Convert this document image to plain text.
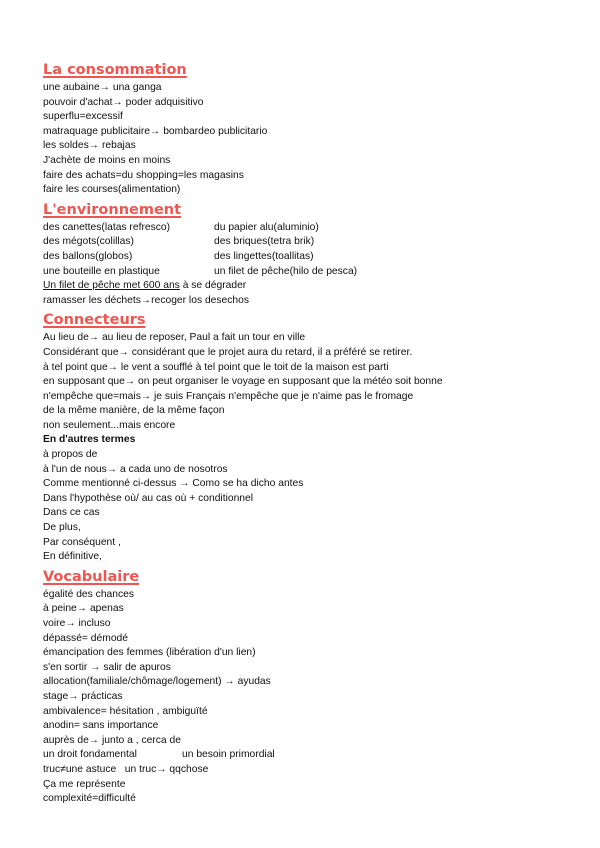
La consommation
une aubaine→ una ganga
pouvoir d'achat→ poder adquisitivo
superflu=excessif
matraquage publicitaire→ bombardeo publicitario
les soldes→ rebajas
J'achète de moins en moins
faire des achats=du shopping=les magasins
faire les courses(alimentation)
L'environnement
des canettes(latas refresco)	du papier alu(aluminio)
des mégots(colillas)	des briques(tetra brik)
des ballons(globos)	des lingettes(toallitas)
une bouteille en plastique	un filet de pêche(hilo de pesca)
Un filet de pêche met 600 ans à se dégrader
ramasser les déchets→recoger los desechos
Connecteurs
Au lieu de→ au lieu de reposer, Paul a fait un tour en ville
Considérant que→ considérant que le projet aura du retard, il a préféré se retirer.
à tel point que→ le vent a soufflé à tel point que le toit de la maison est parti
en supposant que→ on peut organiser le voyage en supposant que la météo soit bonne
n'empêche que=mais→ je suis Français n'empêche que je n'aime pas le fromage
de la même manière, de la même façon
non seulement...mais encore
En d'autres termes
à propos de
à l'un de nous→ a cada uno de nosotros
Comme mentionné ci-dessus → Como se ha dicho antes
Dans l'hypothèse où/ au cas où + conditionnel
Dans ce cas
De plus,
Par conséquent ,
En définitive,
Vocabulaire
égalité des chances
à peine→ apenas
voire→ incluso
dépassé= démodé
émancipation des femmes (libération d'un lien)
s'en sortir → salir de apuros
allocation(familiale/chômage/logement) → ayudas
stage→ prácticas
ambivalence= hésitation , ambiguïté
anodin= sans importance
auprès de→ junto a , cerca de
un droit fondamental	un besoin primordial
truc≠une astuce   un truc→ qqchose
Ça me représente
complexité=difficulté
